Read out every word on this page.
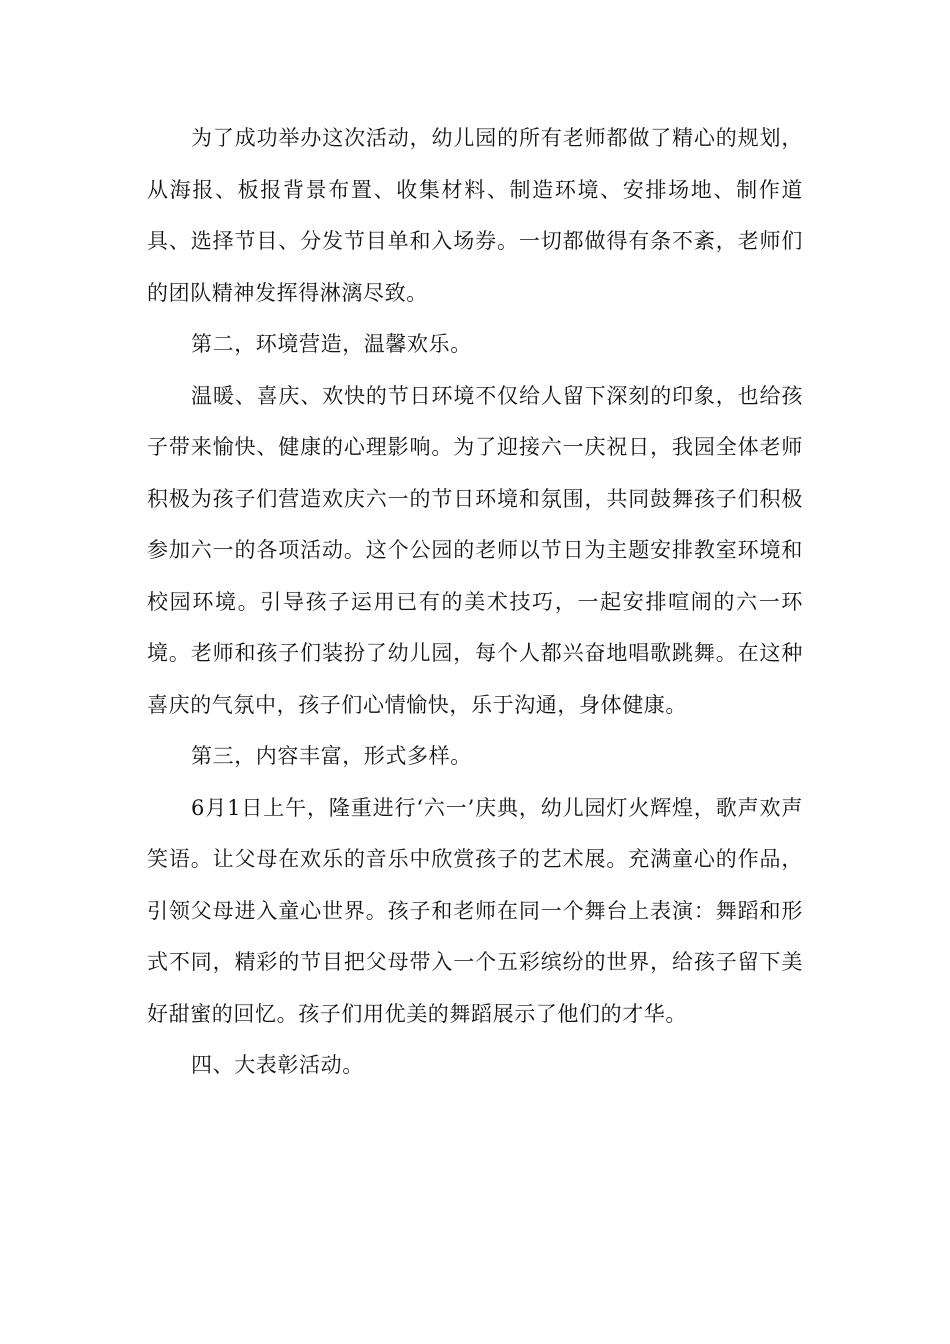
为了成功举办这次活动，幼儿园的所有老师都做了精心的规划，从海报、板报背景布置、收集材料、制造环境、安排场地、制作道具、选择节目、分发节目单和入场券。一切都做得有条不紊，老师们的团队精神发挥得淋漓尽致。

第二，环境营造，温馨欢乐。

温暖、喜庆、欢快的节日环境不仅给人留下深刻的印象，也给孩子带来愉快、健康的心理影响。为了迎接六一庆祝日，我园全体老师积极为孩子们营造欢庆六一的节日环境和氛围，共同鼓舞孩子们积极参加六一的各项活动。这个公园的老师以节日为主题安排教室环境和校园环境。引导孩子运用已有的美术技巧，一起安排喧闹的六一环境。老师和孩子们装扮了幼儿园，每个人都兴奋地唱歌跳舞。在这种喜庆的气氛中，孩子们心情愉快，乐于沟通，身体健康。

第三，内容丰富，形式多样。

6月1日上午，隆重进行‘六一’庆典，幼儿园灯火辉煌，歌声欢声笑语。让父母在欢乐的音乐中欣赏孩子的艺术展。充满童心的作品，引领父母进入童心世界。孩子和老师在同一个舞台上表演：舞蹈和形式不同，精彩的节目把父母带入一个五彩缤纷的世界，给孩子留下美好甜蜜的回忆。孩子们用优美的舞蹈展示了他们的才华。

四、大表彰活动。
